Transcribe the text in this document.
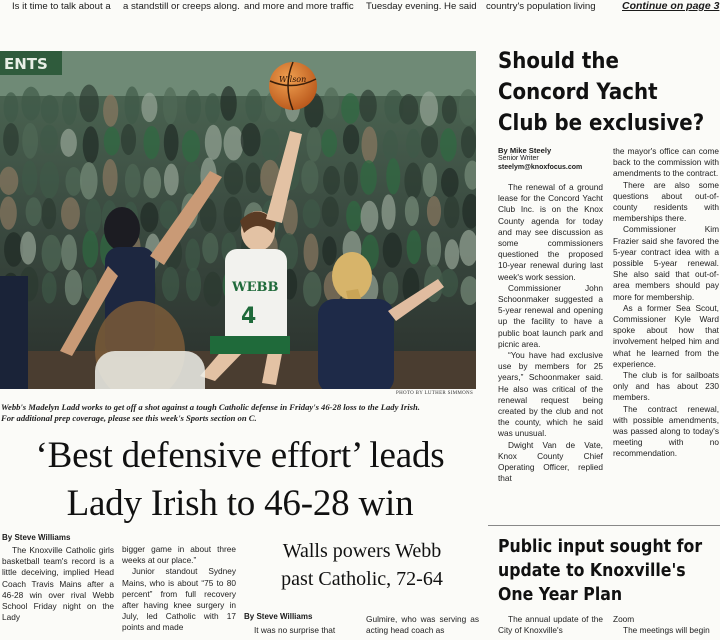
Is it time to talk about a a standstill or creeps along. and more and more traffic Tuesday evening. He said country's population living	Continue on page 3
ENTS
WEBB
4
Wilson
PHOTO BY LUTHER SIMMONS
Webb's Madelyn Ladd works to get off a shot against a tough Catholic defense in Friday's 46-28 loss to the Lady Irish.
For additional prep coverage, please see this week's Sports section on C.
‘Best defensive effort’ leads
Lady Irish to 46-28 win
By Steve Williams

The Knoxville Catholic girls basketball team's record is a little deceiving, implied Head Coach Travis Mains after a 46-28 win over rival Webb School Friday night on the Lady

bigger game in about three weeks at our place.”

Junior standout Sydney Mains, who is about “75 to 80 percent” from full recovery after having knee surgery in July, led Catholic with 17 points and made

Walls powers Webb
past Catholic, 72-64
By Steve Williams

It was no surprise that

Gulmire, who was serving as acting head coach as

Should the
Concord Yacht
Club be exclusive?
By Mike Steely
Senior Writer
steelym@knoxfocus.com

The renewal of a ground lease for the Concord Yacht Club Inc. is on the Knox County agenda for today and may see discussion as some commissioners questioned the proposed 10-year renewal during last week's work session.

Commissioner John Schoonmaker suggested a 5-year renewal and opening up the facility to have a public boat launch park and picnic area.

“You have had exclusive use by members for 25 years,” Schoonmaker said. He also was critical of the renewal request being created by the club and not the county, which he said was unusual.

Dwight Van de Vate, Knox County Chief Operating Officer, replied that

the mayor's office can come back to the commission with amendments to the contract.

There are also some questions about out-of-county residents with memberships there.

Commissioner Kim Frazier said she favored the 5-year contract idea with a possible 5-year renewal. She also said that out-of-area members should pay more for membership.

As a former Sea Scout, Commissioner Kyle Ward spoke about how that involvement helped him and what he learned from the experience.

The club is for sailboats only and has about 230 members.

The contract renewal, with possible amendments, was passed along to today's meeting with no recommendation.

Public input sought for
update to Knoxville's
One Year Plan

The annual update of the City of Knoxville's

Zoom

The meetings will begin
